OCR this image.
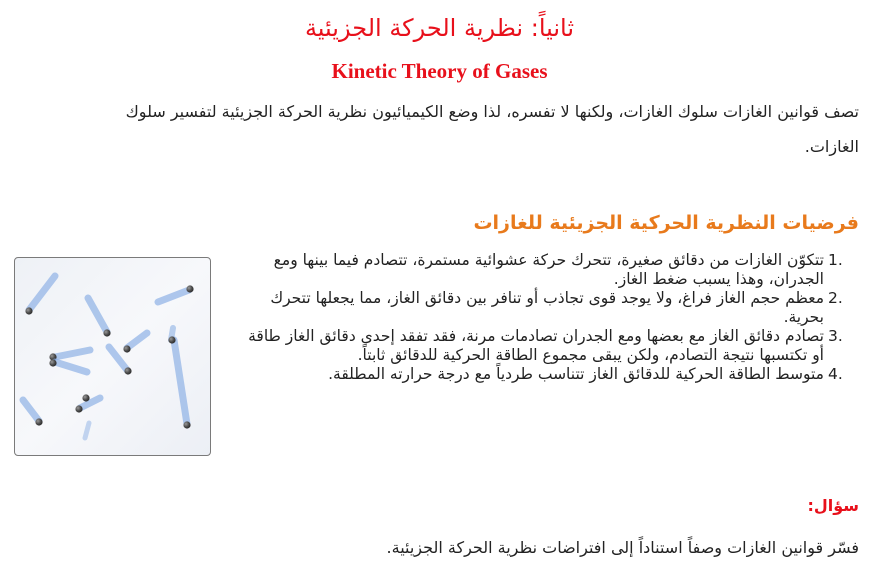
ثانياً: نظرية الحركة الجزيئية
Kinetic Theory of Gases

تصف قوانين الغازات سلوك الغازات، ولكنها لا تفسره، لذا وضع الكيميائيون نظرية الحركة الجزيئية لتفسير سلوك الغازات.

فرضيات النظرية الحركية الجزيئية للغازات
1.
تتكوّن الغازات من دقائق صغيرة، تتحرك حركة عشوائية مستمرة، تتصادم فيما بينها ومع الجدران، وهذا يسبب ضغط الغاز.
2.
معظم حجم الغاز فراغ، ولا يوجد قوى تجاذب أو تنافر بين دقائق الغاز، مما يجعلها تتحرك بحرية.
3.
تصادم دقائق الغاز مع بعضها ومع الجدران تصادمات مرنة، فقد تفقد إحدى دقائق الغاز طاقة أو تكتسبها نتيجة التصادم، ولكن يبقى مجموع الطاقة الحركية للدقائق ثابتاً.
4.
متوسط الطاقة الحركية للدقائق الغاز تتناسب طردياً مع درجة حرارته المطلقة.
سؤال:

فسّر قوانين الغازات وصفاً استناداً إلى افتراضات نظرية الحركة الجزيئية.
